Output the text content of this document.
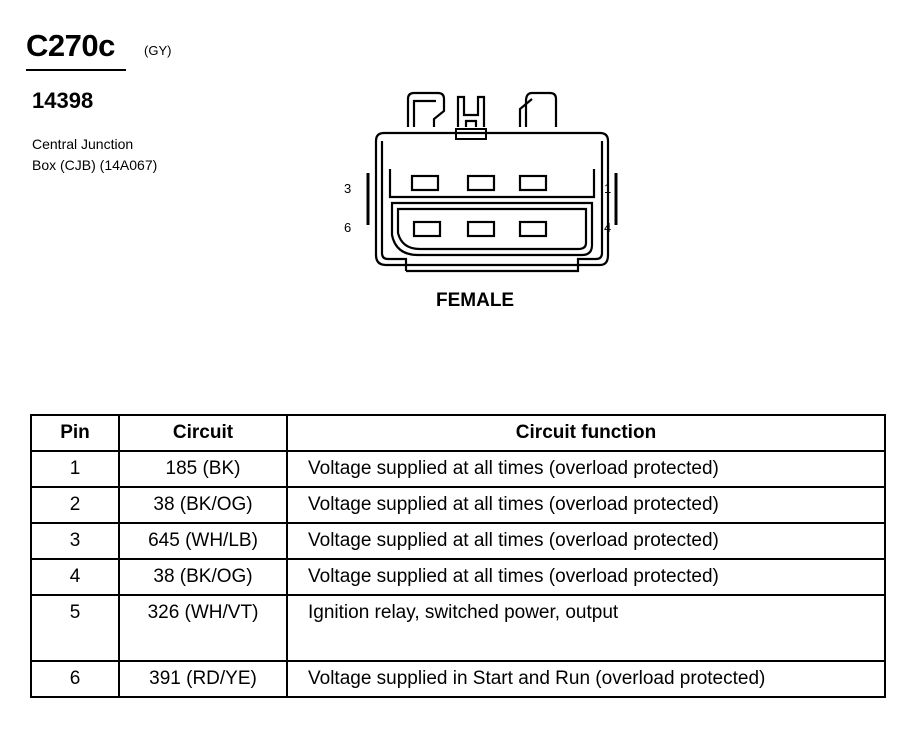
C270c (GY)
14398
Central Junction
Box (CJB) (14A067)
3	1
6	4
FEMALE
Pin	Circuit	Circuit function
1	185 (BK)	Voltage supplied at all times (overload protected)
2	38 (BK/OG)	Voltage supplied at all times (overload protected)
3	645 (WH/LB)	Voltage supplied at all times (overload protected)
4	38 (BK/OG)	Voltage supplied at all times (overload protected)
5	326 (WH/VT)	Ignition relay, switched power, output
6	391 (RD/YE)	Voltage supplied in Start and Run (overload protected)
